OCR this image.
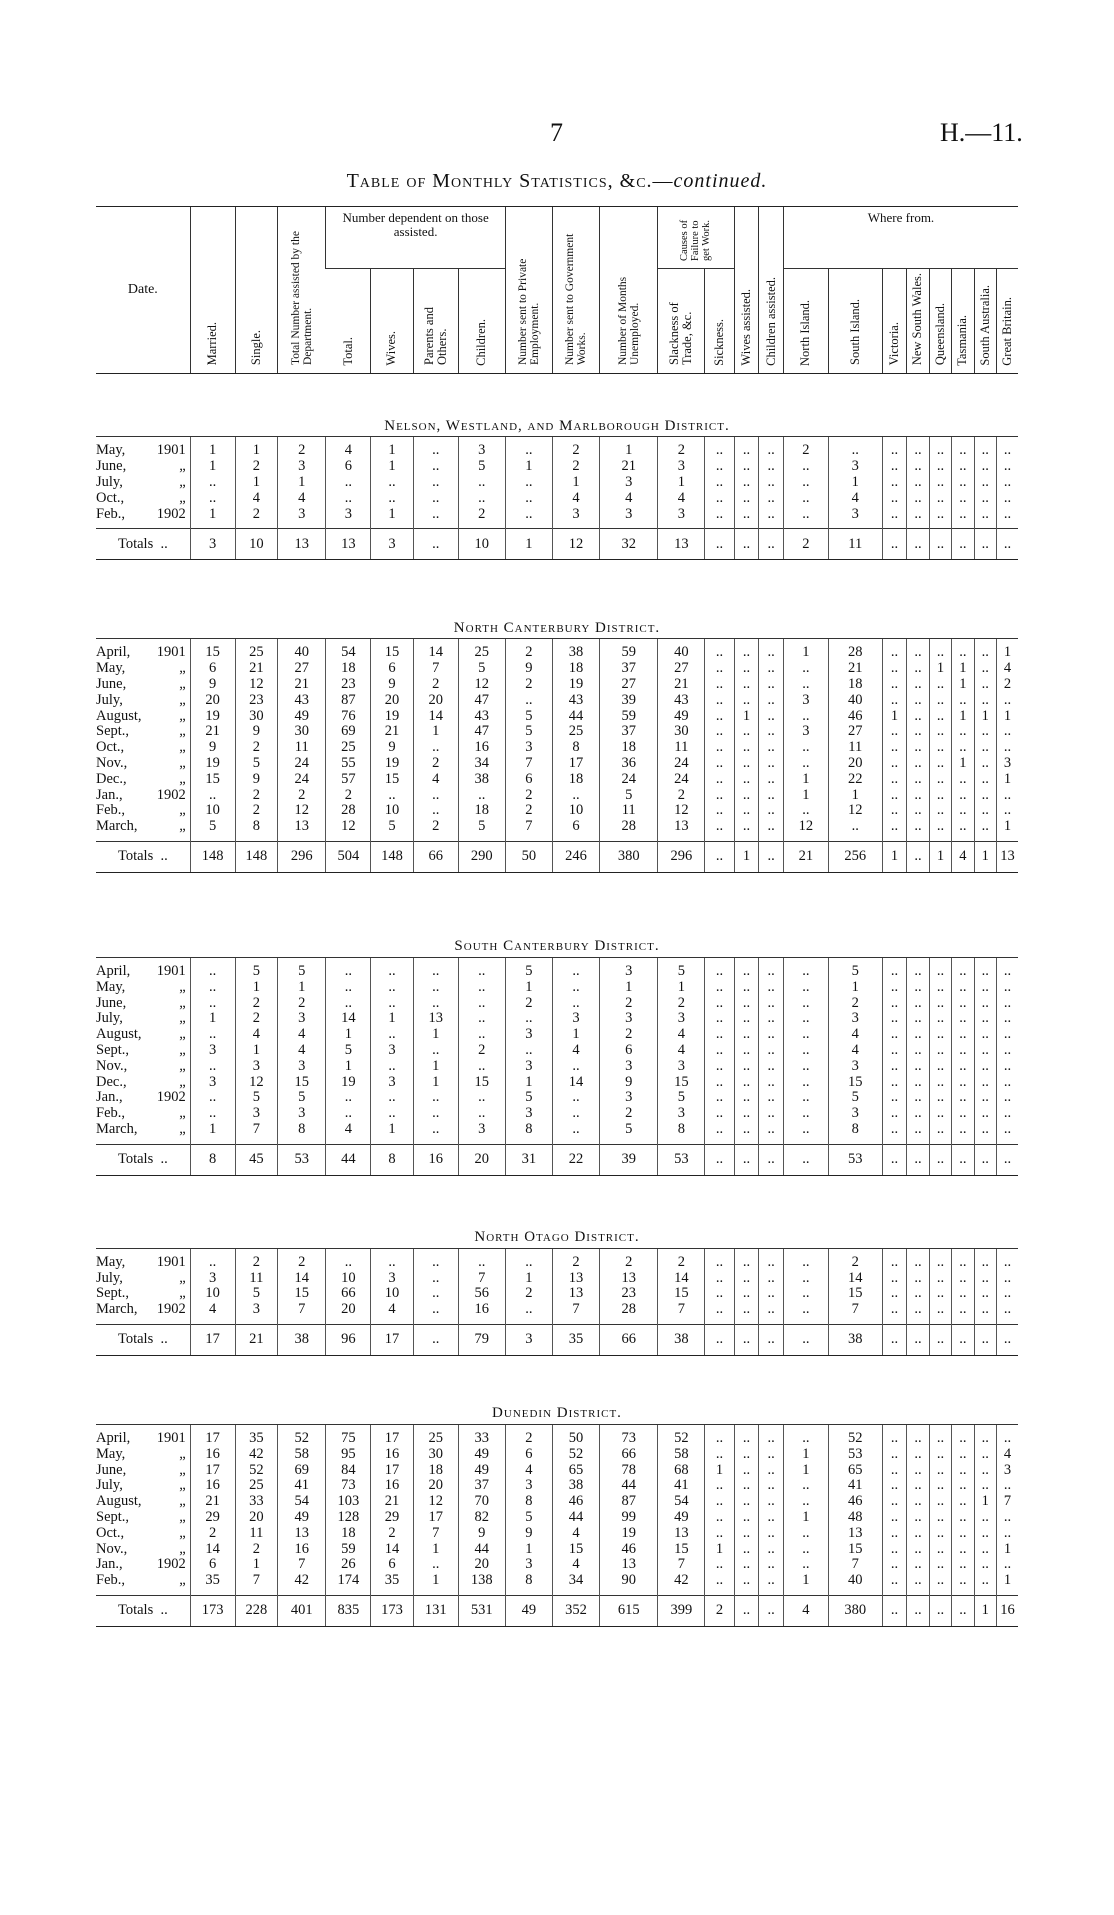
7	H.—11.
Table of Monthly Statistics, &c.—continued.
Date.	Married.	Single.	Total Number assisted by the Department.	Number dependent on those assisted.				Number sent to Private Employment.	Number sent to Government Works.	Number of Months Unemployed.	Causes of Failure to get Work.		Wives assisted.	Children assisted.	Where from.							
				Total.	Wives.	Parents and Others.	Children.				Slackness of Trade, &c.	Sickness.			North Island.	South Island.	Victoria.	New South Wales.	Queensland.	Tasmania.	South Australia.	Great Britain.

Nelson, Westland, and Marlborough District.																						

May, 1901	1	1	2	4	1	..	3	..	2	1	2	..	..	..	2	..	..	..	..	..	..	..

June, „	1	2	3	6	1	..	5	1	2	21	3	..	..	..	..	3	..	..	..	..	..	..

July, „	..	1	1	..	..	..	..	..	1	3	1	..	..	..	..	1	..	..	..	..	..	..

Oct., „	..	4	4	..	..	..	..	..	4	4	4	..	..	..	..	4	..	..	..	..	..	..

Feb., 1902	1	2	3	3	1	..	2	..	3	3	3	..	..	..	..	3	..	..	..	..	..	..
Totals  ..	3	10	13	13	3	..	10	1	12	32	13	..	..	..	2	11	..	..	..	..	..	..

North Canterbury District.																						

April, 1901	15	25	40	54	15	14	25	2	38	59	40	..	..	..	1	28	..	..	..	..	..	1

May, „	6	21	27	18	6	7	5	9	18	37	27	..	..	..	..	21	..	..	1	1	..	4

June, „	9	12	21	23	9	2	12	2	19	27	21	..	..	..	..	18	..	..	..	1	..	2

July, „	20	23	43	87	20	20	47	..	43	39	43	..	..	..	3	40	..	..	..	..	..	..

August, „	19	30	49	76	19	14	43	5	44	59	49	..	1	..	..	46	1	..	..	1	1	1

Sept., „	21	9	30	69	21	1	47	5	25	37	30	..	..	..	3	27	..	..	..	..	..	..

Oct., „	9	2	11	25	9	..	16	3	8	18	11	..	..	..	..	11	..	..	..	..	..	..

Nov., „	19	5	24	55	19	2	34	7	17	36	24	..	..	..	..	20	..	..	..	1	..	3

Dec., „	15	9	24	57	15	4	38	6	18	24	24	..	..	..	1	22	..	..	..	..	..	1

Jan., 1902	..	2	2	2	..	..	..	2	..	5	2	..	..	..	1	1	..	..	..	..	..	..

Feb., „	10	2	12	28	10	..	18	2	10	11	12	..	..	..	..	12	..	..	..	..	..	..

March, „	5	8	13	12	5	2	5	7	6	28	13	..	..	..	12	..	..	..	..	..	..	1
Totals  ..	148	148	296	504	148	66	290	50	246	380	296	..	1	..	21	256	1	..	1	4	1	13

South Canterbury District.																						

April, 1901	..	5	5	..	..	..	..	5	..	3	5	..	..	..	..	5	..	..	..	..	..	..

May, „	..	1	1	..	..	..	..	1	..	1	1	..	..	..	..	1	..	..	..	..	..	..

June, „	..	2	2	..	..	..	..	2	..	2	2	..	..	..	..	2	..	..	..	..	..	..

July, „	1	2	3	14	1	13	..	..	3	3	3	..	..	..	..	3	..	..	..	..	..	..

August, „	..	4	4	1	..	1	..	3	1	2	4	..	..	..	..	4	..	..	..	..	..	..

Sept., „	3	1	4	5	3	..	2	..	4	6	4	..	..	..	..	4	..	..	..	..	..	..

Nov., „	..	3	3	1	..	1	..	3	..	3	3	..	..	..	..	3	..	..	..	..	..	..

Dec., „	3	12	15	19	3	1	15	1	14	9	15	..	..	..	..	15	..	..	..	..	..	..

Jan., 1902	..	5	5	..	..	..	..	5	..	3	5	..	..	..	..	5	..	..	..	..	..	..

Feb., „	..	3	3	..	..	..	..	3	..	2	3	..	..	..	..	3	..	..	..	..	..	..

March, „	1	7	8	4	1	..	3	8	..	5	8	..	..	..	..	8	..	..	..	..	..	..
Totals  ..	8	45	53	44	8	16	20	31	22	39	53	..	..	..	..	53	..	..	..	..	..	..

North Otago District.																						

May, 1901	..	2	2	..	..	..	..	..	2	2	2	..	..	..	..	2	..	..	..	..	..	..

July, „	3	11	14	10	3	..	7	1	13	13	14	..	..	..	..	14	..	..	..	..	..	..

Sept., „	10	5	15	66	10	..	56	2	13	23	15	..	..	..	..	15	..	..	..	..	..	..

March, 1902	4	3	7	20	4	..	16	..	7	28	7	..	..	..	..	7	..	..	..	..	..	..
Totals  ..	17	21	38	96	17	..	79	3	35	66	38	..	..	..	..	38	..	..	..	..	..	..

Dunedin District.																						

April, 1901	17	35	52	75	17	25	33	2	50	73	52	..	..	..	..	52	..	..	..	..	..	..

May, „	16	42	58	95	16	30	49	6	52	66	58	..	..	..	1	53	..	..	..	..	..	4

June, „	17	52	69	84	17	18	49	4	65	78	68	1	..	..	1	65	..	..	..	..	..	3

July, „	16	25	41	73	16	20	37	3	38	44	41	..	..	..	..	41	..	..	..	..	..	..

August, „	21	33	54	103	21	12	70	8	46	87	54	..	..	..	..	46	..	..	..	..	1	7

Sept., „	29	20	49	128	29	17	82	5	44	99	49	..	..	..	1	48	..	..	..	..	..	..

Oct., „	2	11	13	18	2	7	9	9	4	19	13	..	..	..	..	13	..	..	..	..	..	..

Nov., „	14	2	16	59	14	1	44	1	15	46	15	1	..	..	..	15	..	..	..	..	..	1

Jan., 1902	6	1	7	26	6	..	20	3	4	13	7	..	..	..	..	7	..	..	..	..	..	..

Feb., „	35	7	42	174	35	1	138	8	34	90	42	..	..	..	1	40	..	..	..	..	..	1
Totals  ..	173	228	401	835	173	131	531	49	352	615	399	2	..	..	4	380	..	..	..	..	1	16
